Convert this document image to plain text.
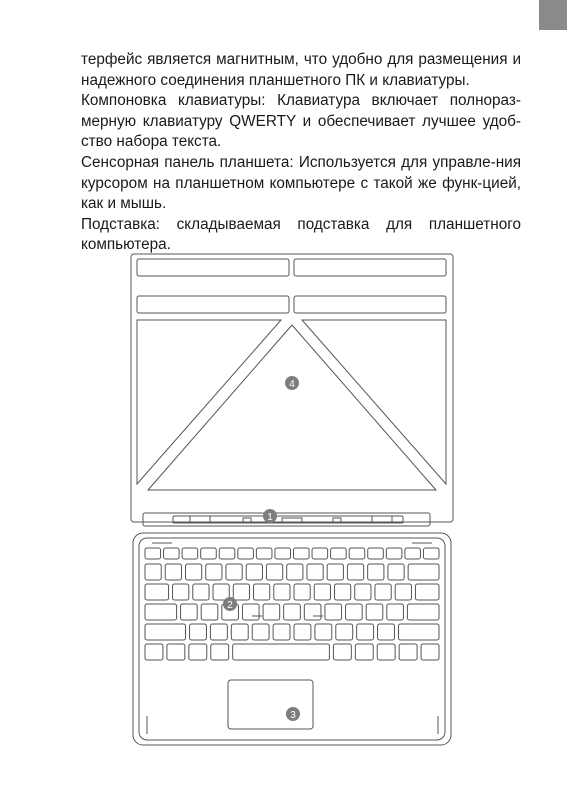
терфейс является магнитным, что удобно для размещения и надежного соединения планшетного ПК и клавиатуры.

Компоновка клавиатуры: Клавиатура включает полнораз-мерную клавиатуру QWERTY и обеспечивает лучшее удоб-ство набора текста.

Сенсорная панель планшета: Используется для управле-ния курсором на планшетном компьютере с такой же функ-цией, как и мышь.

Подставка: складываемая подставка для планшетного компьютера.

1
2
3
4
